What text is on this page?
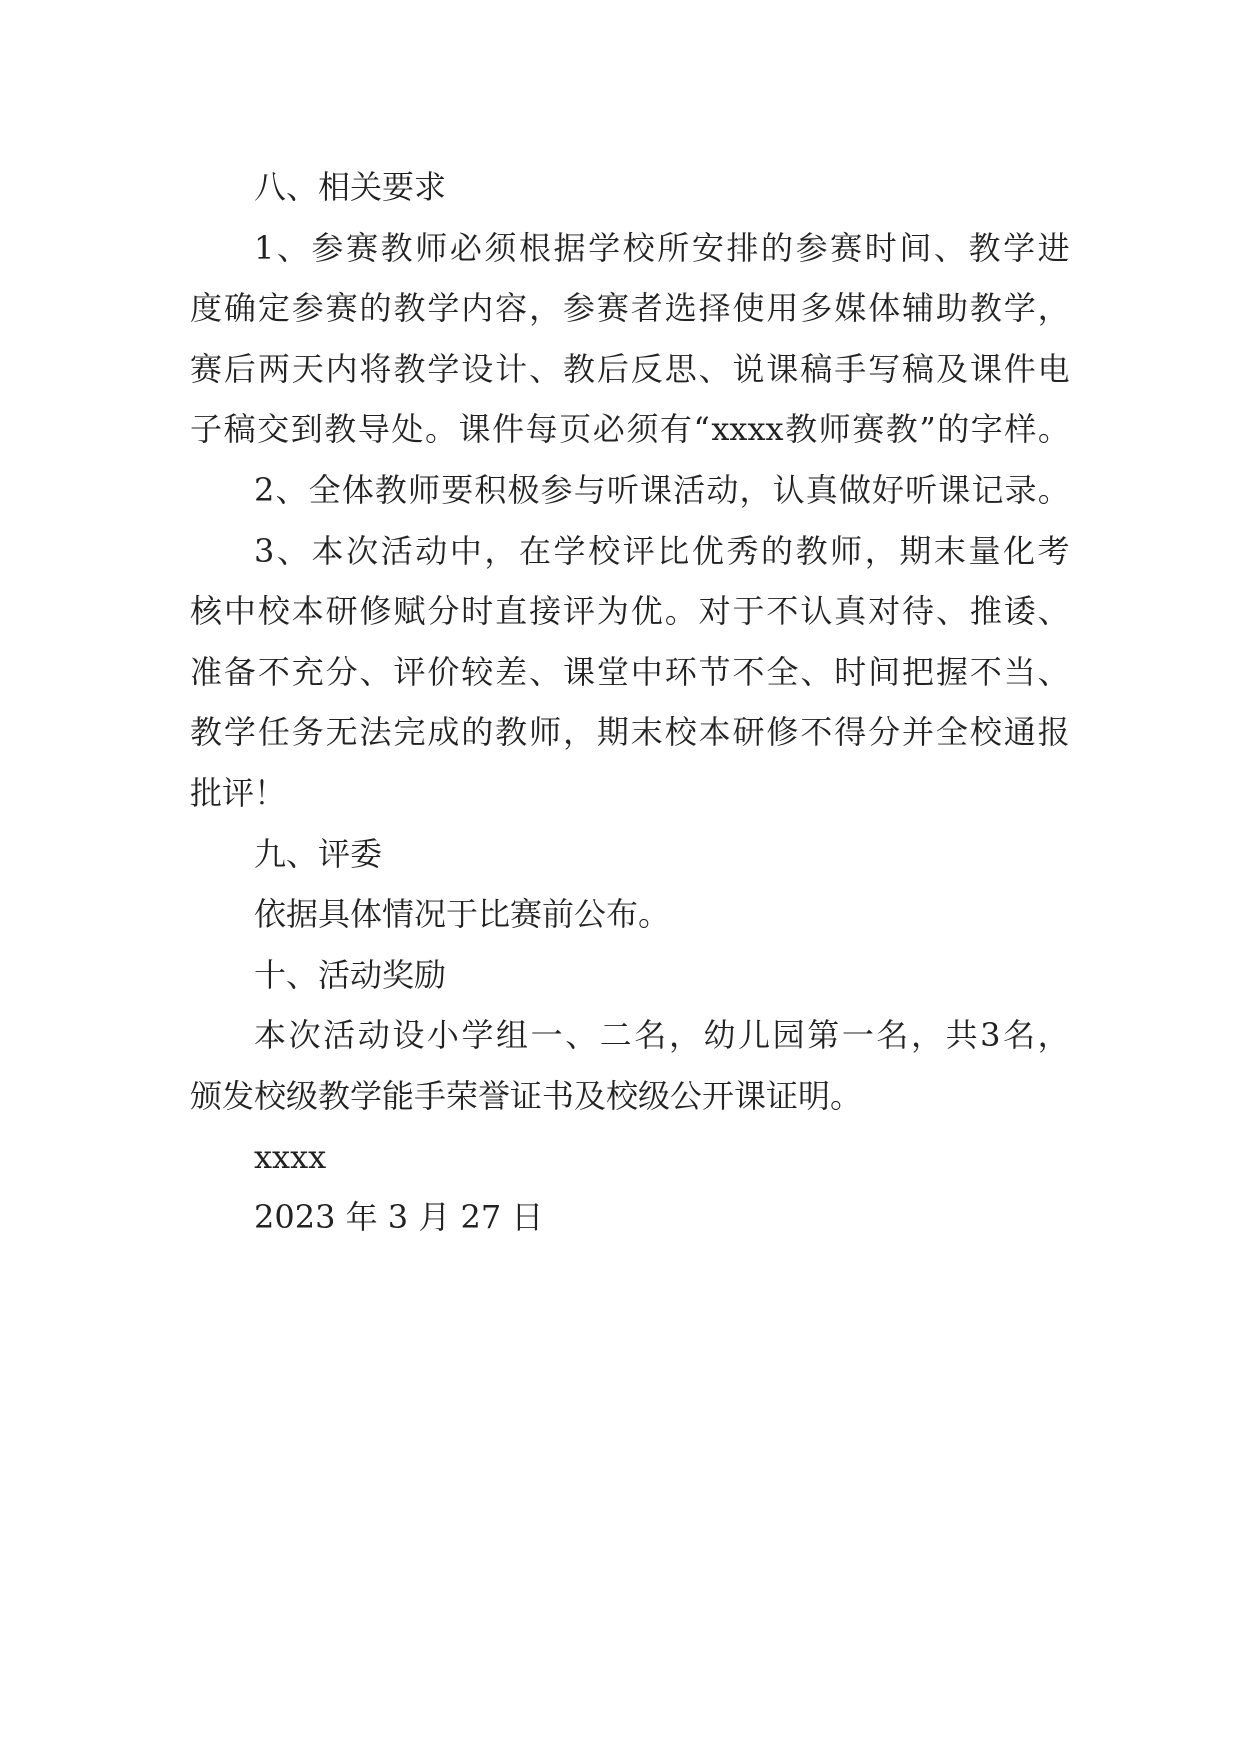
八、相关要求
1 、 参 赛 教 师 必 须 根 据 学 校 所 安 排 的 参 赛 时 间 、 教 学 进
度 确 定 参 赛 的 教 学 内 容 ， 参 赛 者 选 择 使 用 多 媒 体 辅 助 教 学 ，
赛 后 两 天 内 将 教 学 设 计 、 教 后 反 思 、 说 课 稿 手 写 稿 及 课 件 电
子 稿 交 到 教 导 处 。 课 件 每 页 必 须 有 “ xxxx 教 师 赛 教 ” 的 字 样 。
2 、 全 体 教 师 要 积 极 参 与 听 课 活 动 ， 认 真 做 好 听 课 记 录 。
3 、 本 次 活 动 中 ， 在 学 校 评 比 优 秀 的 教 师 ， 期 末 量 化 考
核 中 校 本 研 修 赋 分 时 直 接 评 为 优 。 对 于 不 认 真 对 待 、 推 诿 、
准 备 不 充 分 、 评 价 较 差 、 课 堂 中 环 节 不 全 、 时 间 把 握 不 当 、
教 学 任 务 无 法 完 成 的 教 师 ， 期 末 校 本 研 修 不 得 分 并 全 校 通 报
批评！
九、评委
依据具体情况于比赛前公布。
十、活动奖励
本 次 活 动 设 小 学 组 一 、 二 名 ， 幼 儿 园 第 一 名 ， 共 3 名 ，
颁发校级教学能手荣誉证书及校级公开课证明。
xxxx
2023 年 3 月 27 日
